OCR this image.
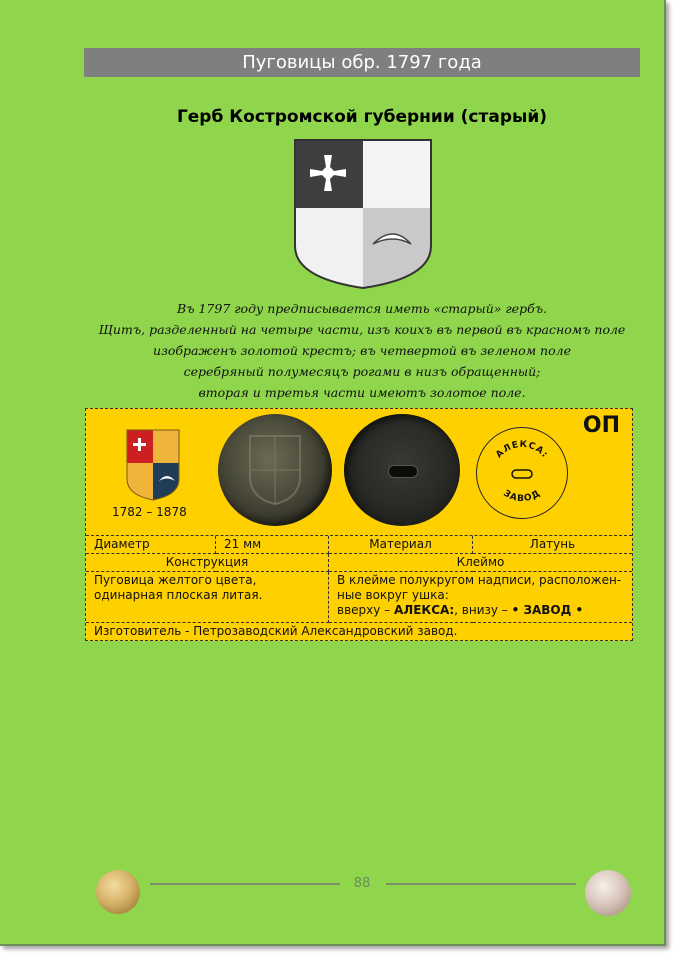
Пуговицы обр. 1797 года
Герб Костромской губернии (старый)
Въ 1797 году предписывается иметь «старый» гербъ.
Щитъ, разделенный на четыре части, изъ коихъ въ первой въ красномъ поле
изображенъ золотой крестъ; въ четвертой въ зеленом поле
серебряный полумесяцъ рогами в низъ обращенный;
вторая и третья части имеютъ золотое поле.
ОП
1782 – 1878
АЛЕКСА:
ЗАВОД
Диаметр	21 мм	Материал	Латунь
Конструкция		Клеймо	
Пуговица желтого цвета, одинарная плоская литая.		В клейме полукругом надписи, расположен-
ные вокруг ушка:
вверху – АЛЕКСА:, внизу – • ЗАВОД •	

Изготовитель - Петрозаводский Александровский завод.			
88
